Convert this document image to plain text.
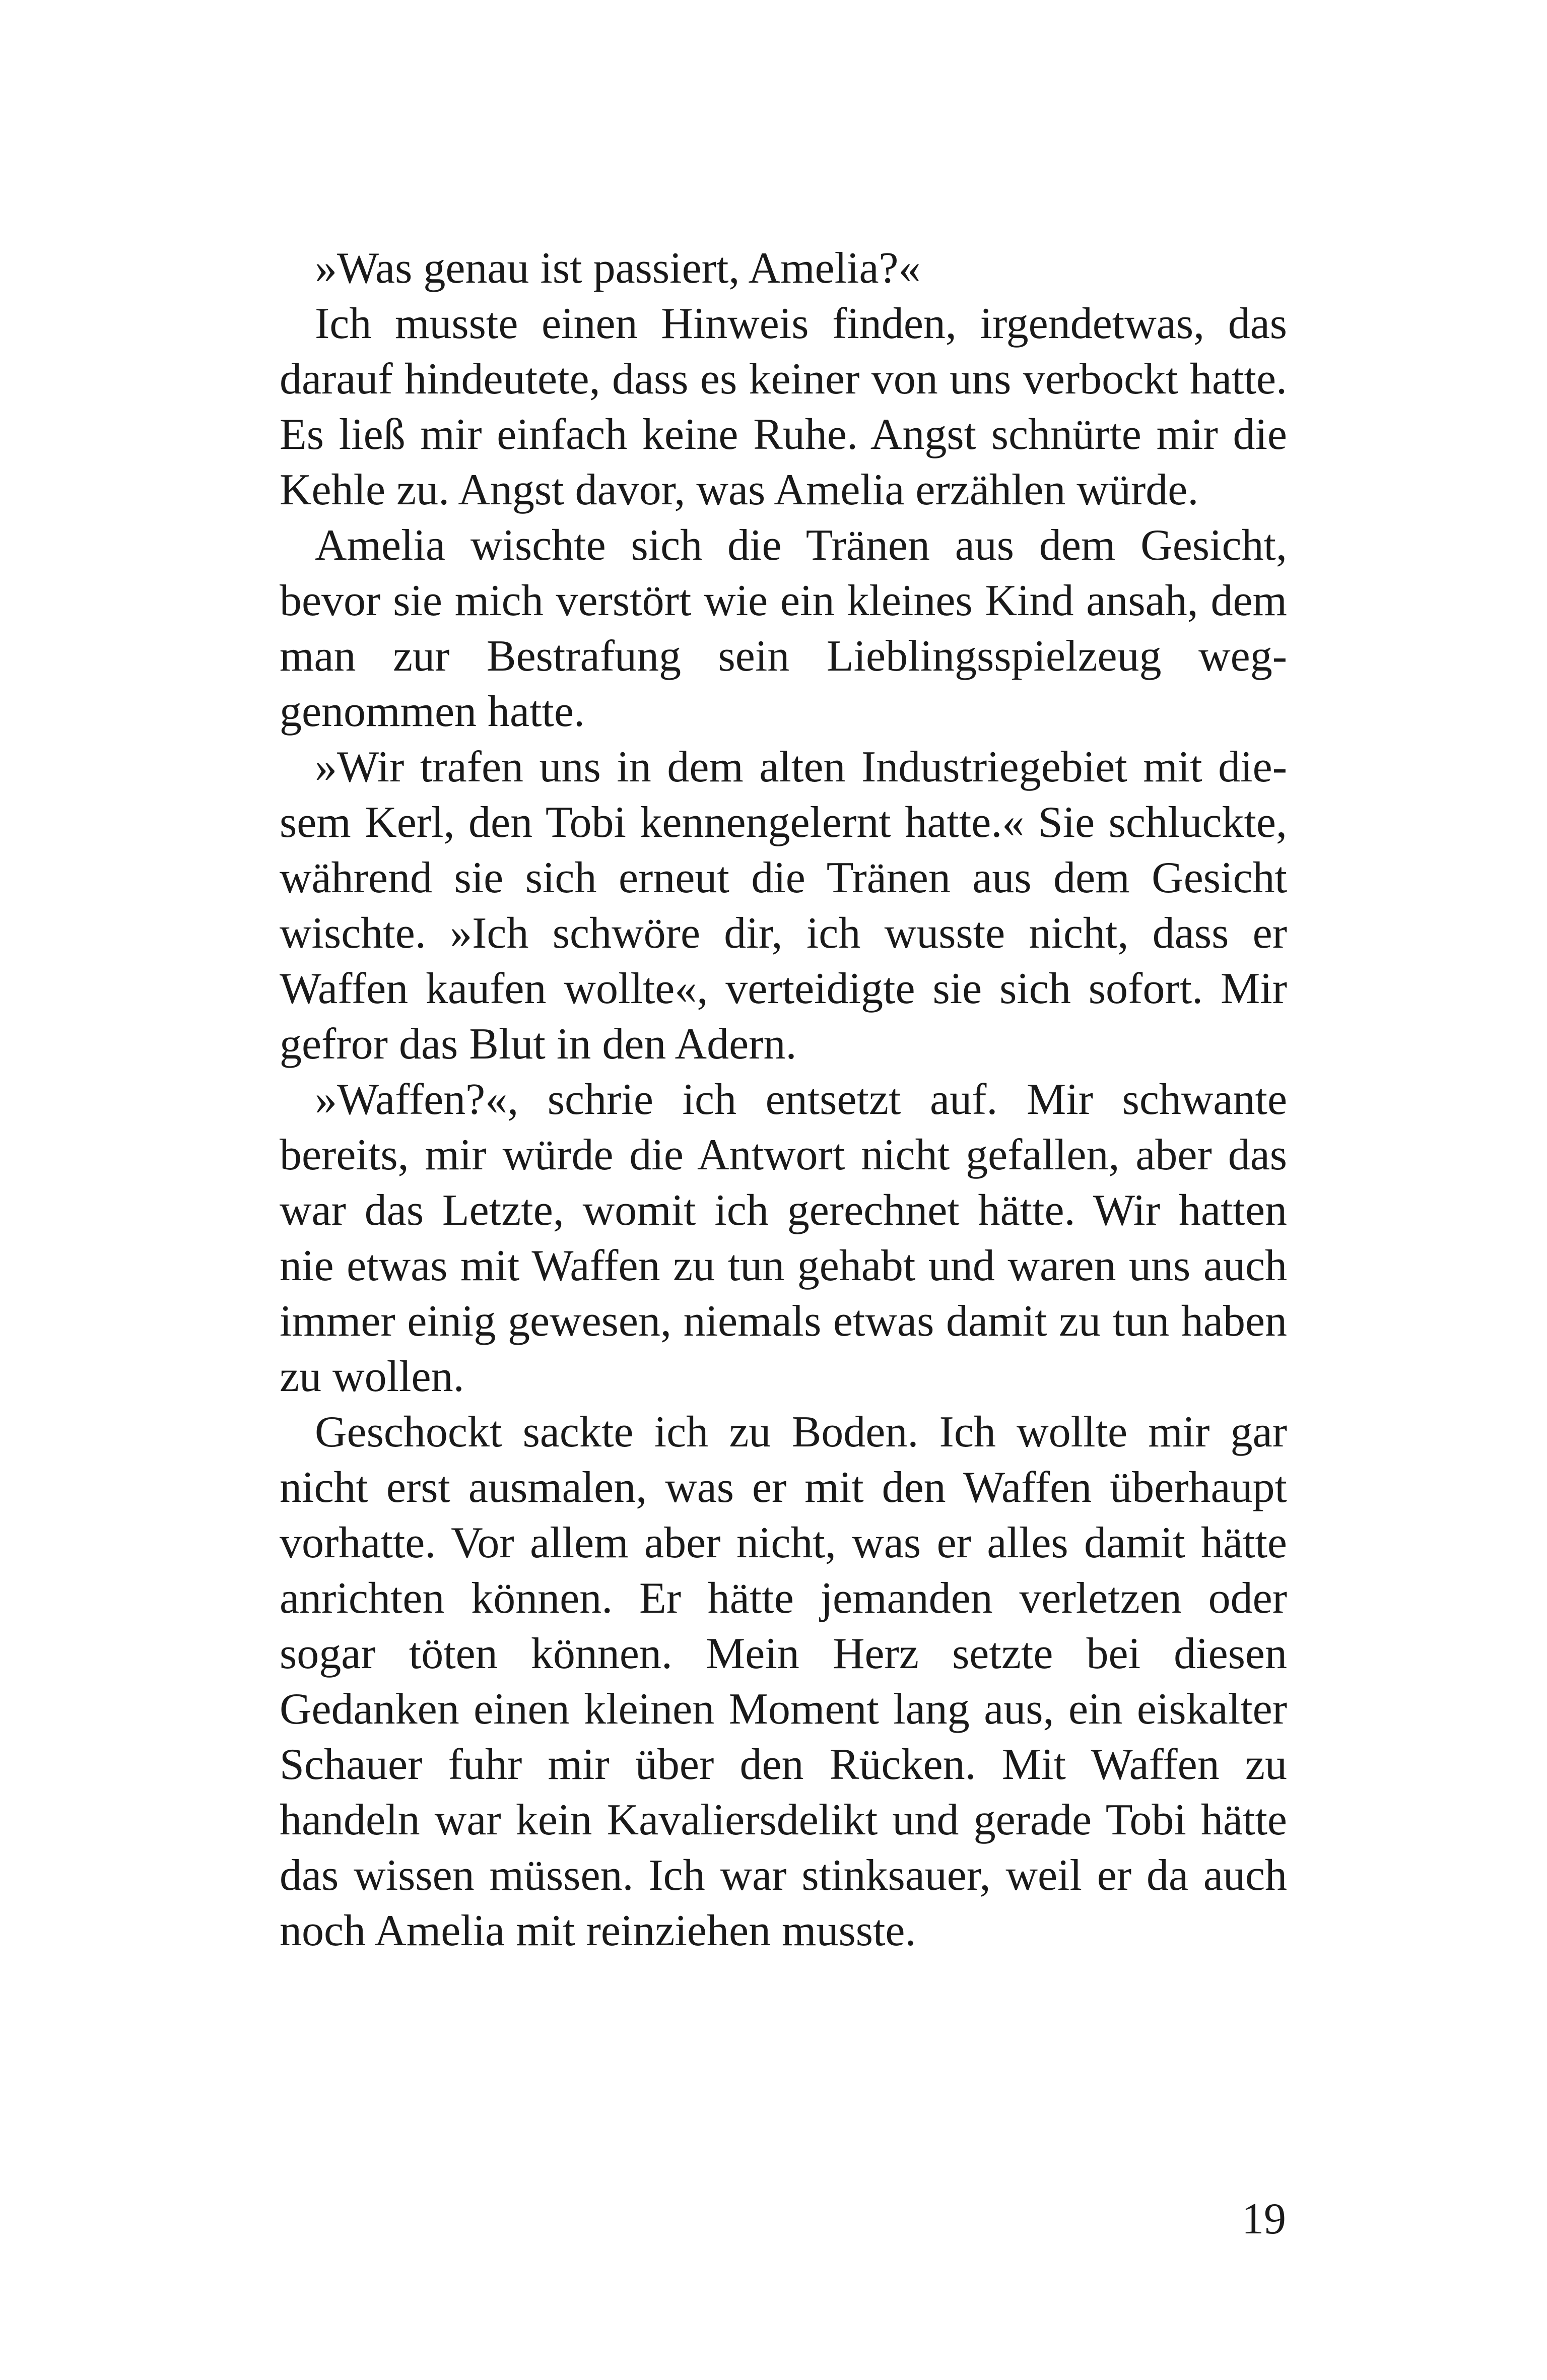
»Was genau ist passiert, Amelia?«

Ich musste einen Hinweis finden, irgendetwas, das darauf hindeutete, dass es keiner von uns verbockt hatte. Es ließ mir einfach keine Ruhe. Angst schnürte mir die Kehle zu. Angst davor, was Amelia erzählen würde.

Amelia wischte sich die Tränen aus dem Gesicht, bevor sie mich verstört wie ein kleines Kind ansah, dem man zur Bestrafung sein Lieblingsspielzeug weggenommen hatte.

»Wir trafen uns in dem alten Industriegebiet mit diesem Kerl, den Tobi kennengelernt hatte.« Sie schluckte, während sie sich erneut die Tränen aus dem Gesicht wischte. »Ich schwöre dir, ich wusste nicht, dass er Waffen kaufen wollte«, verteidigte sie sich sofort. Mir gefror das Blut in den Adern.

»Waffen?«, schrie ich entsetzt auf. Mir schwante bereits, mir würde die Antwort nicht gefallen, aber das war das Letzte, womit ich gerechnet hätte. Wir hatten nie etwas mit Waffen zu tun gehabt und waren uns auch immer einig gewesen, niemals etwas damit zu tun haben zu wollen.

Geschockt sackte ich zu Boden. Ich wollte mir gar nicht erst ausmalen, was er mit den Waffen überhaupt vorhatte. Vor allem aber nicht, was er alles damit hätte anrichten können. Er hätte jemanden verletzen oder sogar töten können. Mein Herz setzte bei diesen Gedanken einen kleinen Moment lang aus, ein eiskalter Schauer fuhr mir über den Rücken. Mit Waffen zu handeln war kein Kavaliersdelikt und gerade Tobi hätte das wissen müssen. Ich war stinksauer, weil er da auch noch Amelia mit reinziehen musste.

19
